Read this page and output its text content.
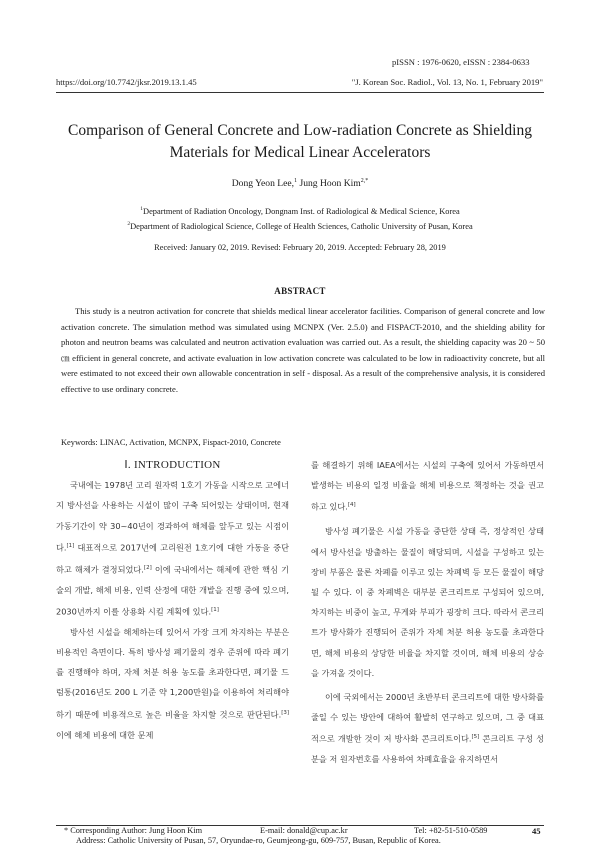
pISSN : 1976-0620, eISSN : 2384-0633
https://doi.org/10.7742/jksr.2019.13.1.45	"J. Korean Soc. Radiol., Vol. 13, No. 1, February 2019"
Comparison of General Concrete and Low-radiation Concrete as Shielding
Materials for Medical Linear Accelerators
Dong Yeon Lee,$^1$ Jung Hoon Kim$^{2,*}$
$^1$Department of Radiation Oncology, Dongnam Inst. of Radiological & Medical Science, Korea
$^2$Department of Radiological Science, College of Health Sciences, Catholic University of Pusan, Korea
Received: January 02, 2019. Revised: February 20, 2019. Accepted: February 28, 2019
ABSTRACT
This study is a neutron activation for concrete that shields medical linear accelerator facilities. Comparison of general concrete and low activation concrete. The simulation method was simulated using MCNPX (Ver. 2.5.0) and FISPACT-2010, and the shielding ability for photon and neutron beams was calculated and neutron activation evaluation was carried out. As a result, the shielding capacity was 20 ~ 50 ㎝ efficient in general concrete, and activate evaluation in low activation concrete was calculated to be low in radioactivity concrete, but all were estimated to not exceed their own allowable concentration in self - disposal. As a result of the comprehensive analysis, it is considered effective to use ordinary concrete.
Keywords: LINAC, Activation, MCNPX, Fispact-2010, Concrete

Ⅰ. INTRODUCTION

국내에는 1978년 고리 원자력 1호기 가동을 시작으로 고에너지 방사선을 사용하는 시설이 많이 구축 되어있는 상태이며, 현재 가동기간이 약 30~40년이 경과하여 해체를 앞두고 있는 시점이다.[1] 대표적으로 2017년에 고리원전 1호기에 대한 가동을 중단하고 해체가 결정되었다.[2] 이에 국내에서는 해체에 관한 핵심 기술의 개발, 해체 비용, 인력 산정에 대한 개발을 진행 중에 있으며, 2030년까지 이를 상용화 시킬 계획에 있다.[1]

방사선 시설을 해체하는데 있어서 가장 크게 차지하는 부분은 비용적인 측면이다. 특히 방사성 폐기물의 경우 준위에 따라 폐기를 진행해야 하며, 자체 처분 허용 농도를 초과한다면, 폐기물 드럼통(2016년도 200 L 기준 약 1,200만원)을 이용하여 처리해야하기 때문에 비용적으로 높은 비율을 차지할 것으로 판단된다.[3] 이에 해체 비용에 대한 문제

를 해결하기 위해 IAEA에서는 시설의 구축에 있어서 가동하면서 발생하는 비용의 일정 비율을 해체 비용으로 책정하는 것을 권고하고 있다.[4]

방사성 폐기물은 시설 가동을 중단한 상태 즉, 정상적인 상태에서 방사선을 방출하는 물질이 해당되며, 시설을 구성하고 있는 장비 부품은 물론 차폐를 이루고 있는 차폐벽 등 모든 물질이 해당될 수 있다. 이 중 차폐벽은 대부분 콘크리트로 구성되어 있으며, 차지하는 비중이 높고, 무게와 부피가 굉장히 크다. 따라서 콘크리트가 방사화가 진행되어 준위가 자체 처분 허용 농도를 초과한다면, 해체 비용의 상당한 비율을 차지할 것이며, 해체 비용의 상승을 가져올 것이다.

이에 국외에서는 2000년 초반부터 콘크리트에 대한 방사화를 줄일 수 있는 방안에 대하여 활발히 연구하고 있으며, 그 중 대표적으로 개발한 것이 저 방사화 콘크리트이다.[5] 콘크리트 구성 성분을 저 원자번호를 사용하여 차폐효율을 유지하면서

* Corresponding Author: Jung Hoon Kim	E-mail: donald@cup.ac.kr	Tel: +82-51-510-0589	45
Address: Catholic University of Pusan, 57, Oryundae-ro, Geumjeong-gu, 609-757, Busan, Republic of Korea.
